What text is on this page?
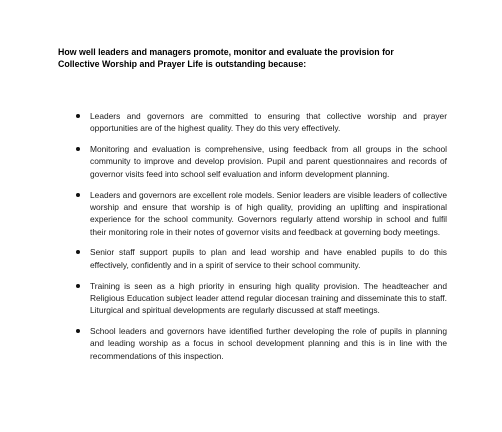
How well leaders and managers promote, monitor and evaluate the provision for
Collective Worship and Prayer Life is outstanding because:
Leaders and governors are committed to ensuring that collective worship and prayer opportunities are of the highest quality. They do this very effectively.
Monitoring and evaluation is comprehensive, using feedback from all groups in the school community to improve and develop provision. Pupil and parent questionnaires and records of governor visits feed into school self evaluation and inform development planning.
Leaders and governors are excellent role models. Senior leaders are visible leaders of collective worship and ensure that worship is of high quality, providing an uplifting and inspirational experience for the school community. Governors regularly attend worship in school and fulfil their monitoring role in their notes of governor visits and feedback at governing body meetings.
Senior staff support pupils to plan and lead worship and have enabled pupils to do this effectively, confidently and in a spirit of service to their school community.
Training is seen as a high priority in ensuring high quality provision. The headteacher and Religious Education subject leader attend regular diocesan training and disseminate this to staff. Liturgical and spiritual developments are regularly discussed at staff meetings.
School leaders and governors have identified further developing the role of pupils in planning and leading worship as a focus in school development planning and this is in line with the recommendations of this inspection.
